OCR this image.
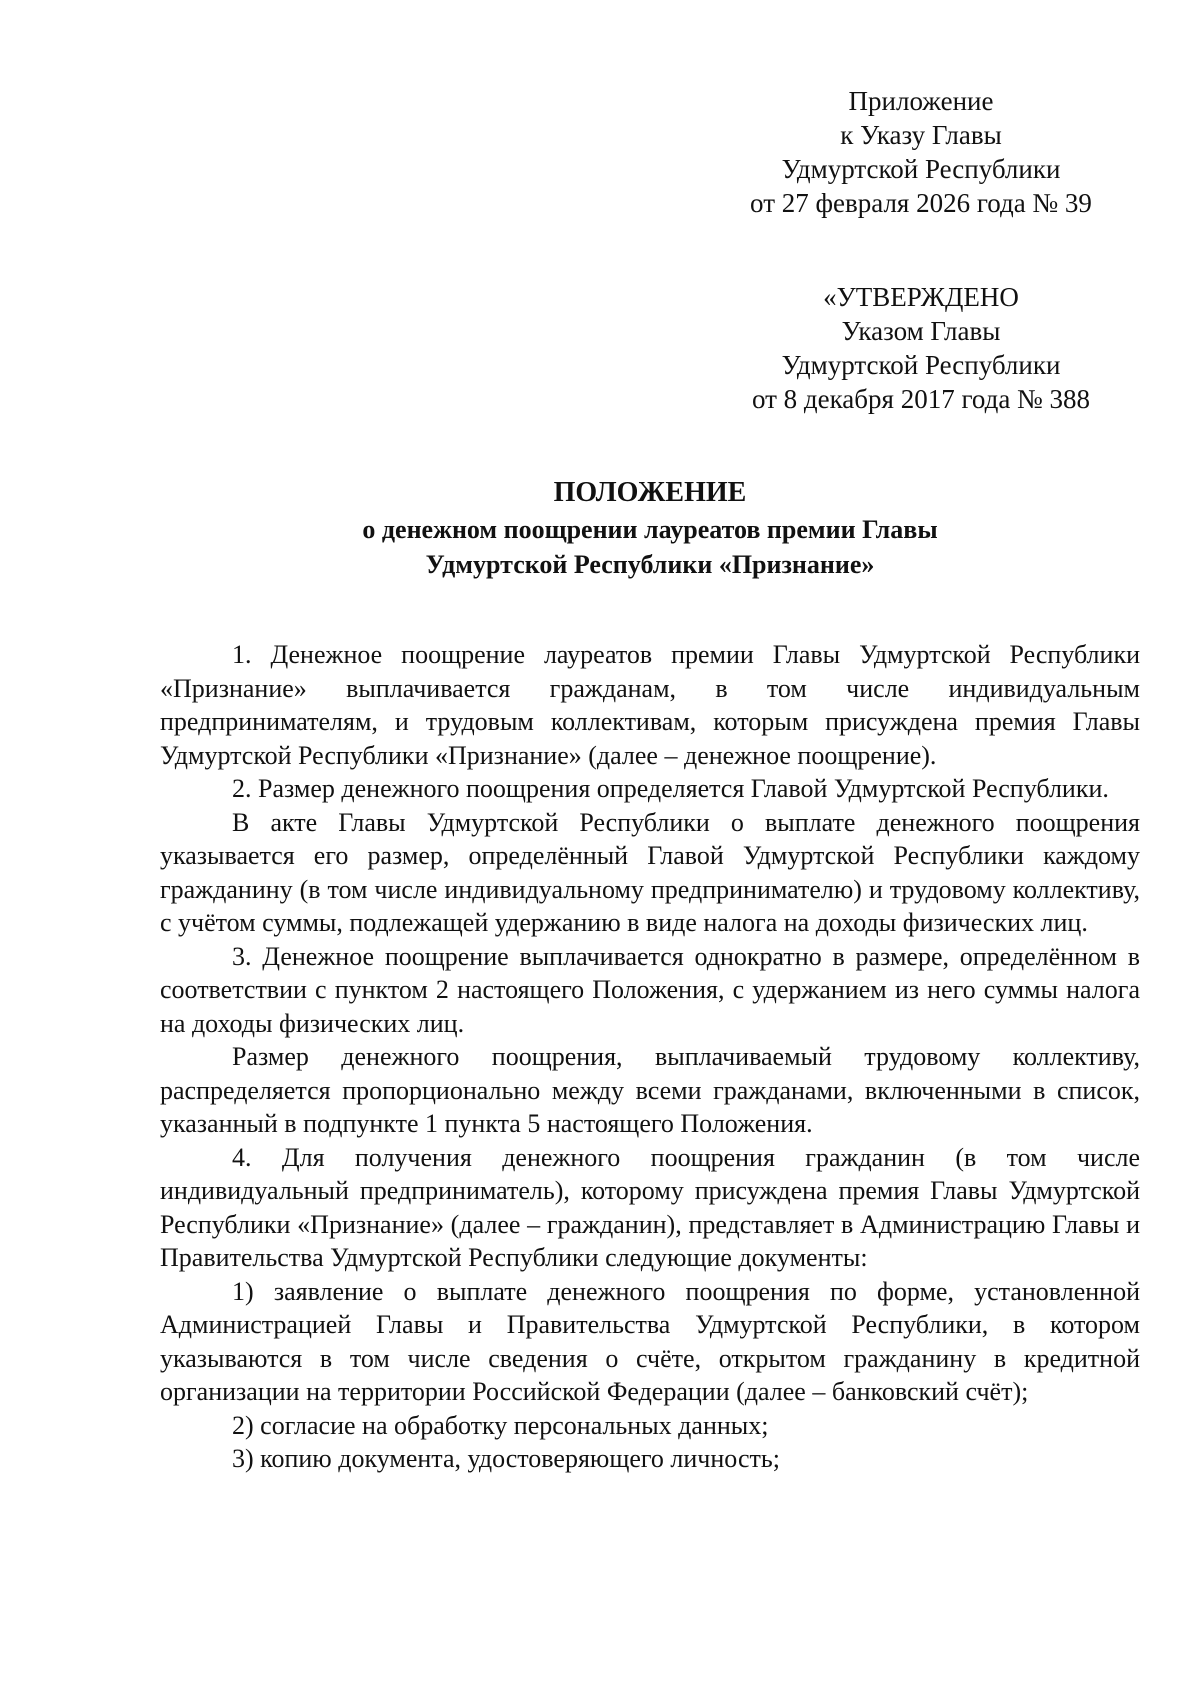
Приложение
к Указу Главы
Удмуртской Республики
от 27 февраля 2026 года № 39
«УТВЕРЖДЕНО
Указом Главы
Удмуртской Республики
от 8 декабря 2017 года № 388
ПОЛОЖЕНИЕ
о денежном поощрении лауреатов премии Главы
Удмуртской Республики «Признание»

1. Денежное поощрение лауреатов премии Главы Удмуртской Республики «Признание» выплачивается гражданам, в том числе индивидуальным предпринимателям, и трудовым коллективам, которым присуждена премия Главы Удмуртской Республики «Признание» (далее – денежное поощрение).

2. Размер денежного поощрения определяется Главой Удмуртской Республики.

В акте Главы Удмуртской Республики о выплате денежного поощрения указывается его размер, определённый Главой Удмуртской Республики каждому гражданину (в том числе индивидуальному предпринимателю) и трудовому коллективу, с учётом суммы, подлежащей удержанию в виде налога на доходы физических лиц.

3. Денежное поощрение выплачивается однократно в размере, определённом в соответствии с пунктом 2 настоящего Положения, с удержанием из него суммы налога на доходы физических лиц.

Размер денежного поощрения, выплачиваемый трудовому коллективу, распределяется пропорционально между всеми гражданами, включенными в список, указанный в подпункте 1 пункта 5 настоящего Положения.

4. Для получения денежного поощрения гражданин (в том числе индивидуальный предприниматель), которому присуждена премия Главы Удмуртской Республики «Признание» (далее – гражданин), представляет в Администрацию Главы и Правительства Удмуртской Республики следующие документы:

1) заявление о выплате денежного поощрения по форме, установленной Администрацией Главы и Правительства Удмуртской Республики, в котором указываются в том числе сведения о счёте, открытом гражданину в кредитной организации на территории Российской Федерации (далее – банковский счёт);

2) согласие на обработку персональных данных;

3) копию документа, удостоверяющего личность;
